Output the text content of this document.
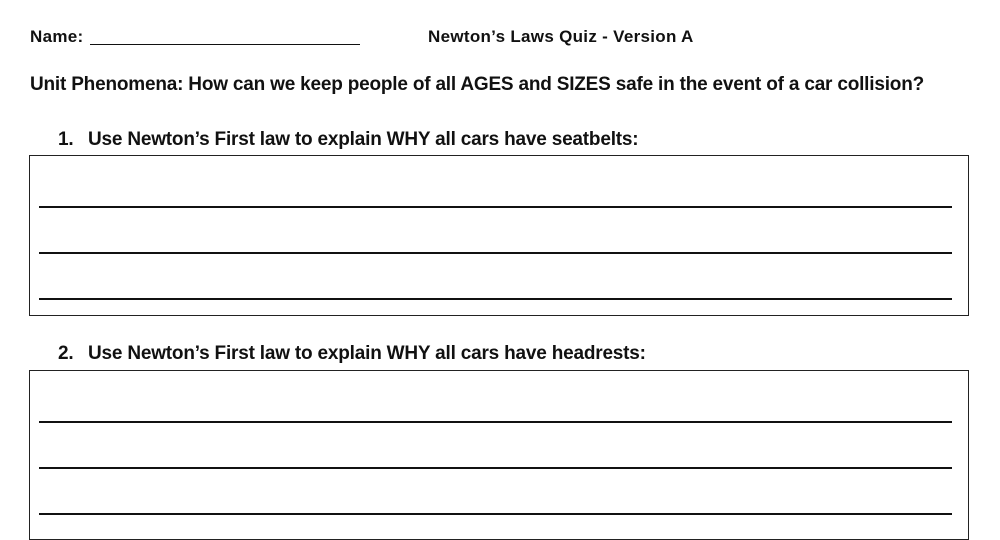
Name:	Newton’s Laws Quiz - Version A
Unit Phenomena: How can we keep people of all AGES and SIZES safe in the event of a car collision?
1. Use Newton’s First law to explain WHY all cars have seatbelts:
2. Use Newton’s First law to explain WHY all cars have headrests:
